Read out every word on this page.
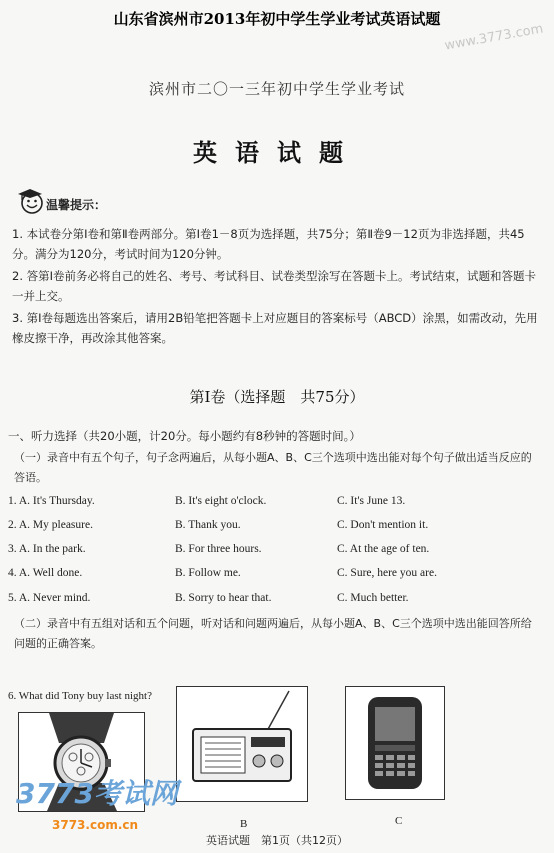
山东省滨州市2013年初中学生学业考试英语试题
www.3773.com
滨州市二〇一三年初中学生学业考试
英语试题
温馨提示：
1. 本试卷分第Ⅰ卷和第Ⅱ卷两部分。第Ⅰ卷1－8页为选择题，共75分；第Ⅱ卷9－12页为非选择题，共45分。满分为120分，考试时间为120分钟。
2. 答第Ⅰ卷前务必将自己的姓名、考号、考试科目、试卷类型涂写在答题卡上。考试结束，试题和答题卡一并上交。
3. 第Ⅰ卷每题选出答案后，请用2B铅笔把答题卡上对应题目的答案标号（ABCD）涂黑，如需改动，先用橡皮擦干净，再改涂其他答案。
第Ⅰ卷（选择题　共75分）
一、听力选择（共20小题，计20分。每小题约有8秒钟的答题时间。）
（一）录音中有五个句子，句子念两遍后，从每小题A、B、C三个选项中选出能对每个句子做出适当反应的答语。
1. A. It's Thursday.	B. It's eight o'clock.	C. It's June 13.
2. A. My pleasure.	B. Thank you.	C. Don't mention it.
3. A. In the park.	B. For three hours.	C. At the age of ten.
4. A. Well done.	B. Follow me.	C. Sure, here you are.
5. A. Never mind.	B. Sorry to hear that.	C. Much better.
（二）录音中有五组对话和五个问题，听对话和问题两遍后，从每小题A、B、C三个选项中选出能回答所给问题的正确答案。
6. What did Tony buy last night?
B	C
3773考试网
3773.com.cn
英语试题　第1页（共12页）
